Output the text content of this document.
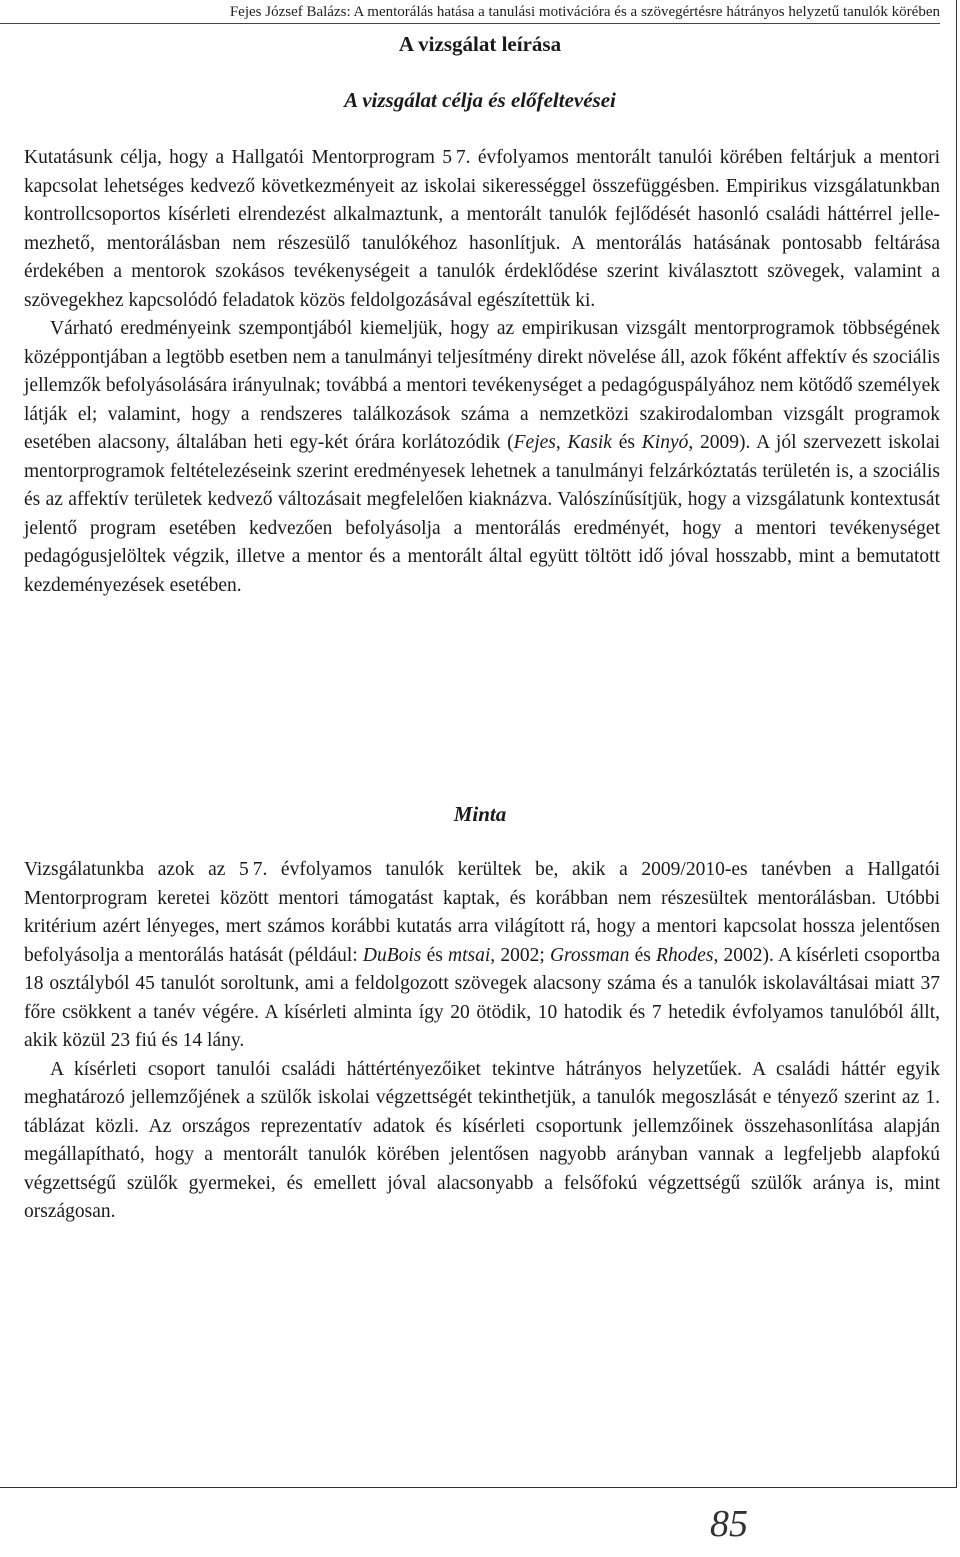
Fejes József Balázs: A mentorálás hatása a tanulási motivációra és a szövegértésre hátrányos helyzetű tanulók körében
A vizsgálat leírása
A vizsgálat célja és előfeltevései

Kutatásunk célja, hogy a Hallgatói Mentorprogram 5 7. évfolyamos mentorált tanulói körében feltárjuk a mentori kapcsolat lehetséges kedvező következményeit az iskolai sikerességgel összefüggésben. Empirikus vizsgálatunkban kontrollcsoportos kísérleti elrendezést alkalmaztunk, a mentorált tanulók fejlődését hasonló családi háttérrel jellemezhető, mentorálásban nem részesülő tanulókéhoz hasonlítjuk. A mentorálás hatásának pontosabb feltárása érdekében a mentorok szokásos tevékenységeit a tanulók érdeklődése szerint kiválasztott szövegek, valamint a szövegekhez kapcsolódó feladatok közös feldolgozásával egészítettük ki.

Várható eredményeink szempontjából kiemeljük, hogy az empirikusan vizsgált mentorprogramok többségének középpontjában a legtöbb esetben nem a tanulmányi teljesítmény direkt növelése áll, azok főként affektív és szociális jellemzők befolyásolására irányulnak; továbbá a mentori tevékenységet a pedagóguspályához nem kötődő személyek látják el; valamint, hogy a rendszeres találkozások száma a nemzetközi szakirodalomban vizsgált programok esetében alacsony, általában heti egy-két órára korlátozódik (Fejes, Kasik és Kinyó, 2009). A jól szervezett iskolai mentorprogramok feltételezéseink szerint eredményesek lehetnek a tanulmányi felzárkóztatás területén is, a szociális és az affektív területek kedvező változásait megfelelően kiaknázva. Valószínűsítjük, hogy a vizsgálatunk kontextusát jelentő program esetében kedvezően befolyásolja a mentorálás eredményét, hogy a mentori tevékenységet pedagógusjelöltek végzik, illetve a mentor és a mentorált által együtt töltött idő jóval hosszabb, mint a bemutatott kezdeményezések esetében.

Minta

Vizsgálatunkba azok az 5 7. évfolyamos tanulók kerültek be, akik a 2009/2010-es tanévben a Hallgatói Mentorprogram keretei között mentori támogatást kaptak, és korábban nem részesültek mentorálásban. Utóbbi kritérium azért lényeges, mert számos korábbi kutatás arra világított rá, hogy a mentori kapcsolat hossza jelentősen befolyásolja a mentorálás hatását (például: DuBois és mtsai, 2002; Grossman és Rhodes, 2002). A kísérleti csoportba 18 osztályból 45 tanulót soroltunk, ami a feldolgozott szövegek alacsony száma és a tanulók iskolaváltásai miatt 37 főre csökkent a tanév végére. A kísérleti alminta így 20 ötödik, 10 hatodik és 7 hetedik évfolyamos tanulóból állt, akik közül 23 fiú és 14 lány.

A kísérleti csoport tanulói családi háttértényezőiket tekintve hátrányos helyzetűek. A családi háttér egyik meghatározó jellemzőjének a szülők iskolai végzettségét tekinthetjük, a tanulók megoszlását e tényező szerint az 1. táblázat közli. Az országos reprezentatív adatok és kísérleti csoportunk jellemzőinek összehasonlítása alapján megállapítható, hogy a mentorált tanulók körében jelentősen nagyobb arányban vannak a legfeljebb alapfokú végzettségű szülők gyermekei, és emellett jóval alacsonyabb a felsőfokú végzettségű szülők aránya is, mint országosan.

85
